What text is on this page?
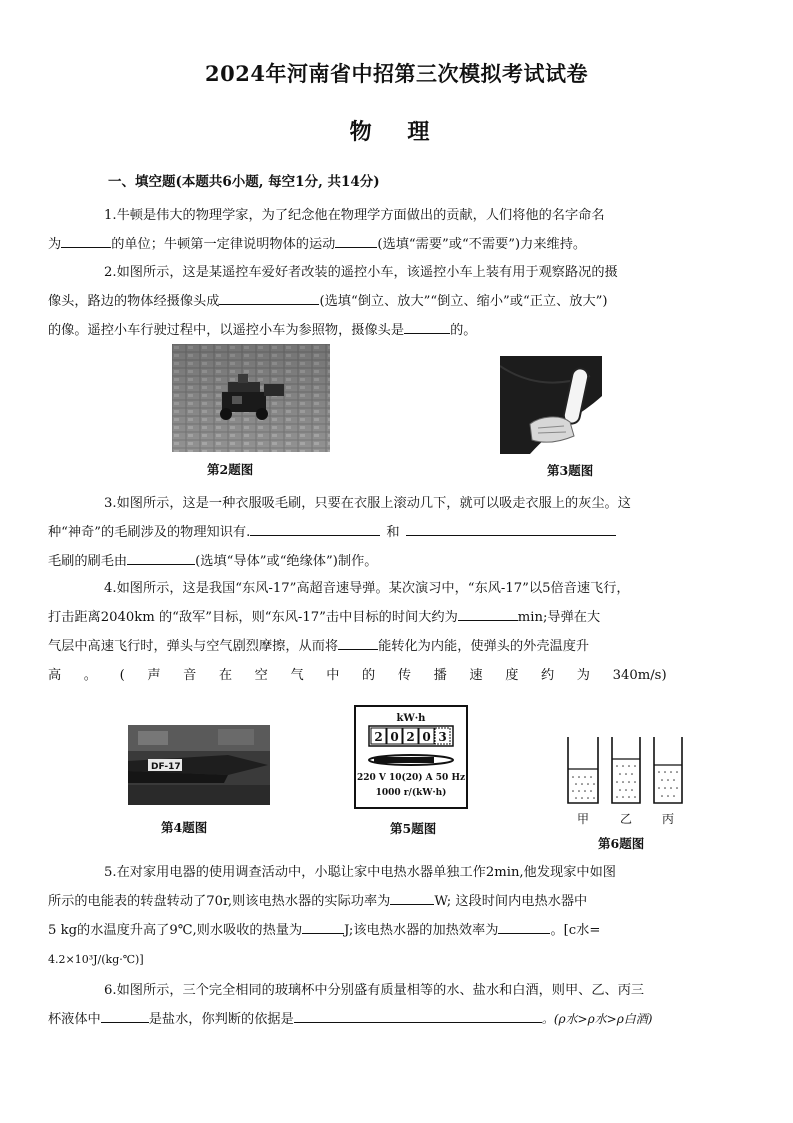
2024年河南省中招第三次模拟考试试卷
物 理
一、填空题(本题共6小题, 每空1分, 共14分)
1.牛顿是伟大的物理学家，为了纪念他在物理学方面做出的贡献，人们将他的名字命名
为	的单位；牛顿第一定律说明物体的运动	(选填“需要”或“不需要”)力来维持。
2.如图所示，这是某遥控车爱好者改装的遥控小车，该遥控小车上装有用于观察路况的摄
像头，路边的物体经摄像头成	(选填“倒立、放大”“倒立、缩小”或“正立、放大”)
的像。遥控小车行驶过程中，以遥控小车为参照物，摄像头是	的。
第2题图	第3题图
3.如图所示，这是一种衣服吸毛刷，只要在衣服上滚动几下，就可以吸走衣服上的灰尘。这
种“神奇”的毛刷涉及的物理知识有.	和
毛刷的刷毛由	(选填“导体”或“绝缘体”)制作。
4.如图所示，这是我国“东风-17”高超音速导弹。某次演习中，“东风-17”以5倍音速飞行，
打击距离2040km 的“敌军”目标，则“东风-17”击中目标的时间大约为	min;导弹在大
气层中高速飞行时，弹头与空气剧烈摩擦，从而将	能转化为内能，使弹头的外壳温度升
高。(声音在空气中的传播速度约为340m/s)
DF-17
第4题图
kW·h
2 0 2 0 3
220 V 10(20) A 50 Hz
1000 r/(kW·h)
第5题图
甲	乙 丙
第6题图
5.在对家用电器的使用调查活动中，小聪让家中电热水器单独工作2min,他发现家中如图
所示的电能表的转盘转动了70r,则该电热水器的实际功率为	W; 这段时间内电热水器中
5 kg的水温度升高了9℃,则水吸收的热量为	J;该电热水器的加热效率为	。[c水=
4.2×10³J/(kg·℃)]
6.如图所示，三个完全相同的玻璃杯中分别盛有质量相等的水、盐水和白酒，则甲、乙、丙三
杯液体中	是盐水，你判断的依据是	。(ρ水>ρ水>ρ白酒)
